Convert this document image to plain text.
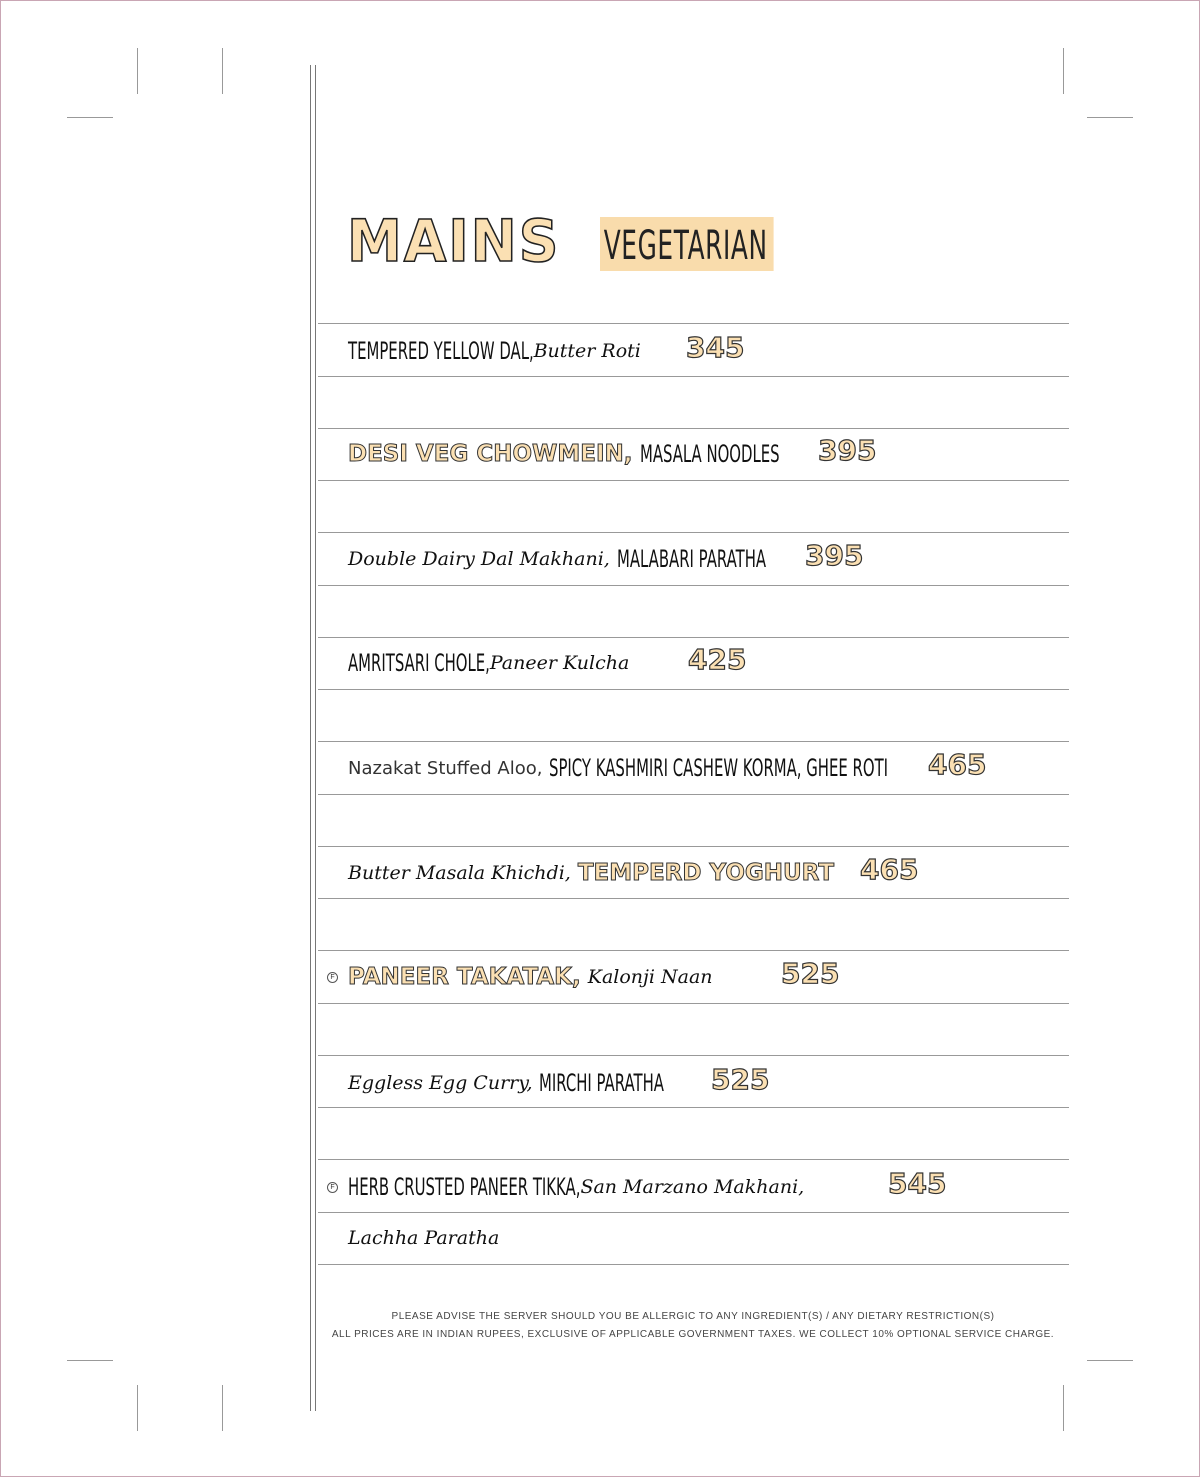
MAINS VEGETARIAN
TEMPERED YELLOW DAL, Butter Roti 345
DESI VEG CHOWMEIN, MASALA NOODLES 395
Double Dairy Dal Makhani, MALABARI PARATHA 395
AMRITSARI CHOLE, Paneer Kulcha 425
Nazakat Stuffed Aloo, SPICY KASHMIRI CASHEW KORMA, GHEE ROTI 465
Butter Masala Khichdi, TEMPERD YOGHURT 465
PANEER TAKATAK, Kalonji Naan 525
F
Eggless Egg Curry, MIRCHI PARATHA 525
HERB CRUSTED PANEER TIKKA, San Marzano Makhani,	545
F
Lachha Paratha
PLEASE ADVISE THE SERVER SHOULD YOU BE ALLERGIC TO ANY INGREDIENT(S) / ANY DIETARY RESTRICTION(S)
ALL PRICES ARE IN INDIAN RUPEES, EXCLUSIVE OF APPLICABLE GOVERNMENT TAXES. WE COLLECT 10% OPTIONAL SERVICE CHARGE.
